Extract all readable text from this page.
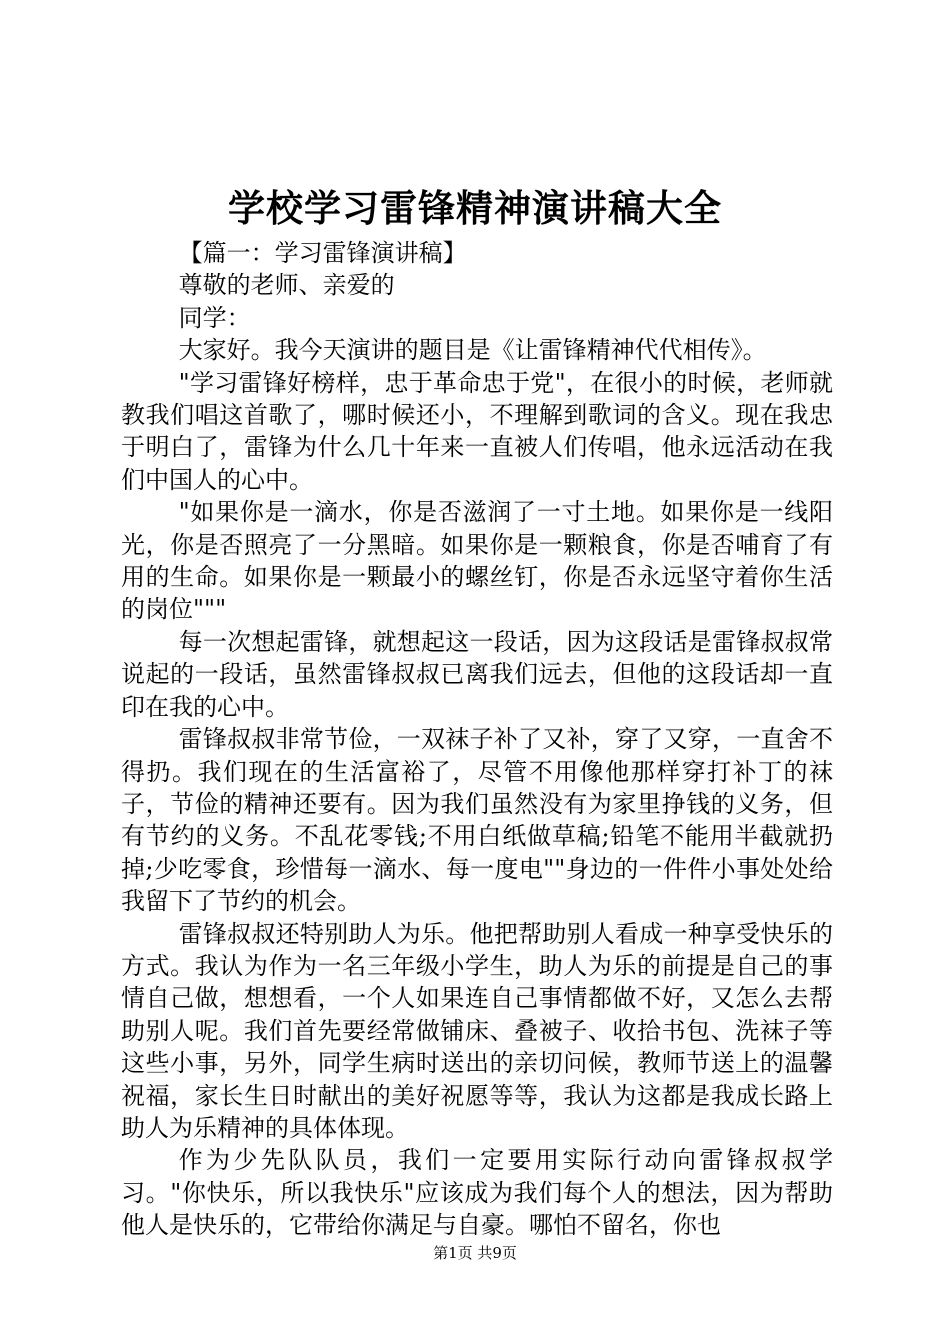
学校学习雷锋精神演讲稿大全

【篇一：学习雷锋演讲稿】

尊敬的老师、亲爱的

同学：

大家好。我今天演讲的题目是《让雷锋精神代代相传》。

"学习雷锋好榜样，忠于革命忠于党"，在很小的时候，老师就教我们唱这首歌了，哪时候还小，不理解到歌词的含义。现在我忠于明白了，雷锋为什么几十年来一直被人们传唱，他永远活动在我们中国人的心中。

"如果你是一滴水，你是否滋润了一寸土地。如果你是一线阳光，你是否照亮了一分黑暗。如果你是一颗粮食，你是否哺育了有用的生命。如果你是一颗最小的螺丝钉，你是否永远坚守着你生活的岗位"""

每一次想起雷锋，就想起这一段话，因为这段话是雷锋叔叔常说起的一段话，虽然雷锋叔叔已离我们远去，但他的这段话却一直印在我的心中。

雷锋叔叔非常节俭，一双袜子补了又补，穿了又穿，一直舍不得扔。我们现在的生活富裕了，尽管不用像他那样穿打补丁的袜子，节俭的精神还要有。因为我们虽然没有为家里挣钱的义务，但有节约的义务。不乱花零钱;不用白纸做草稿;铅笔不能用半截就扔掉;少吃零食，珍惜每一滴水、每一度电""身边的一件件小事处处给我留下了节约的机会。

雷锋叔叔还特别助人为乐。他把帮助别人看成一种享受快乐的方式。我认为作为一名三年级小学生，助人为乐的前提是自己的事情自己做，想想看，一个人如果连自己事情都做不好，又怎么去帮助别人呢。我们首先要经常做铺床、叠被子、收拾书包、洗袜子等这些小事，另外，同学生病时送出的亲切问候，教师节送上的温馨祝福，家长生日时献出的美好祝愿等等，我认为这都是我成长路上助人为乐精神的具体体现。

作为少先队队员，我们一定要用实际行动向雷锋叔叔学习。"你快乐，所以我快乐"应该成为我们每个人的想法，因为帮助他人是快乐的，它带给你满足与自豪。哪怕不留名，你也

第1页 共9页
